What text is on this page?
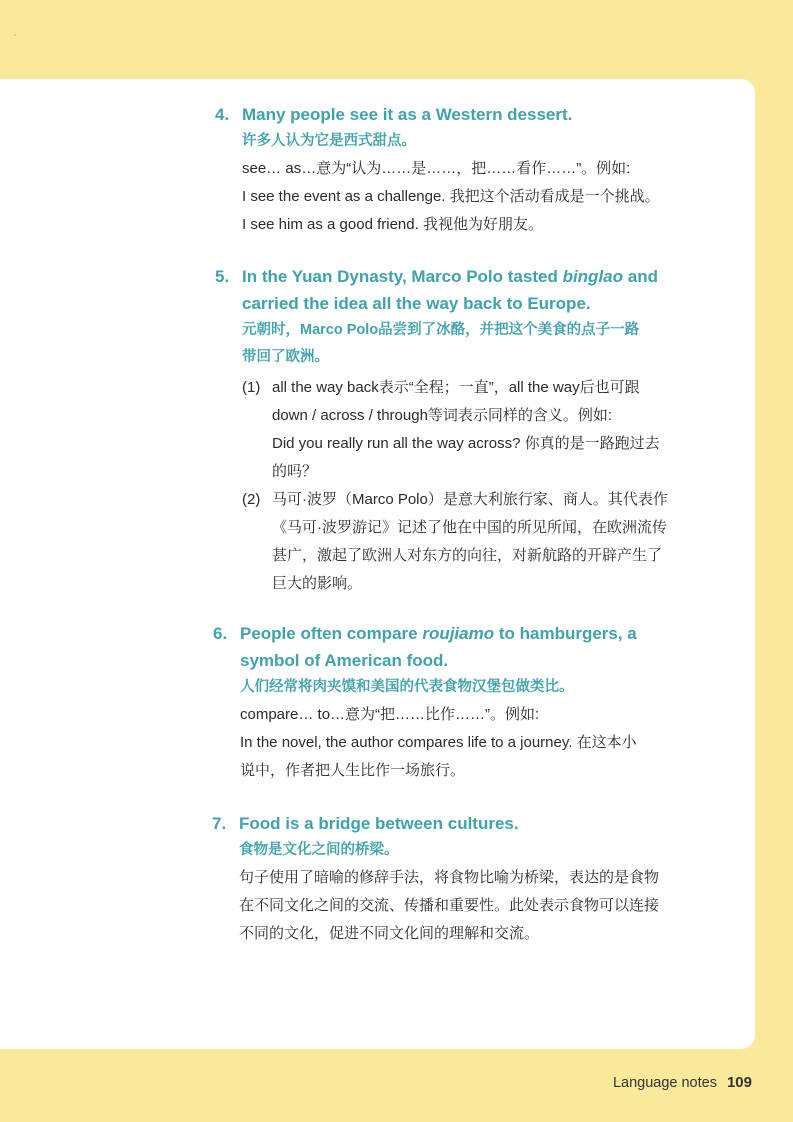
4. Many people see it as a Western dessert.
许多人认为它是西式甜点。
see… as…意为“认为……是……，把……看作……”。例如:
I see the event as a challenge. 我把这个活动看成是一个挑战。
I see him as a good friend. 我视他为好朋友。
5. In the Yuan Dynasty, Marco Polo tasted binglao and
carried the idea all the way back to Europe.
元朝时，Marco Polo品尝到了冰酪，并把这个美食的点子一路
带回了欧洲。
(1) all the way back表示“全程；一直”，all the way后也可跟
down / across / through等词表示同样的含义。例如:
Did you really run all the way across? 你真的是一路跑过去
的吗？
(2) 马可·波罗（Marco Polo）是意大利旅行家、商人。其代表作
《马可·波罗游记》记述了他在中国的所见所闻，在欧洲流传
甚广，激起了欧洲人对东方的向往，对新航路的开辟产生了
巨大的影响。
6. People often compare roujiamo to hamburgers, a
symbol of American food.
人们经常将肉夹馍和美国的代表食物汉堡包做类比。
compare… to…意为“把……比作……”。例如:
In the novel, the author compares life to a journey. 在这本小
说中，作者把人生比作一场旅行。
7. Food is a bridge between cultures.
食物是文化之间的桥梁。
句子使用了暗喻的修辞手法，将食物比喻为桥梁，表达的是食物
在不同文化之间的交流、传播和重要性。此处表示食物可以连接
不同的文化，促进不同文化间的理解和交流。
Language notes 109
